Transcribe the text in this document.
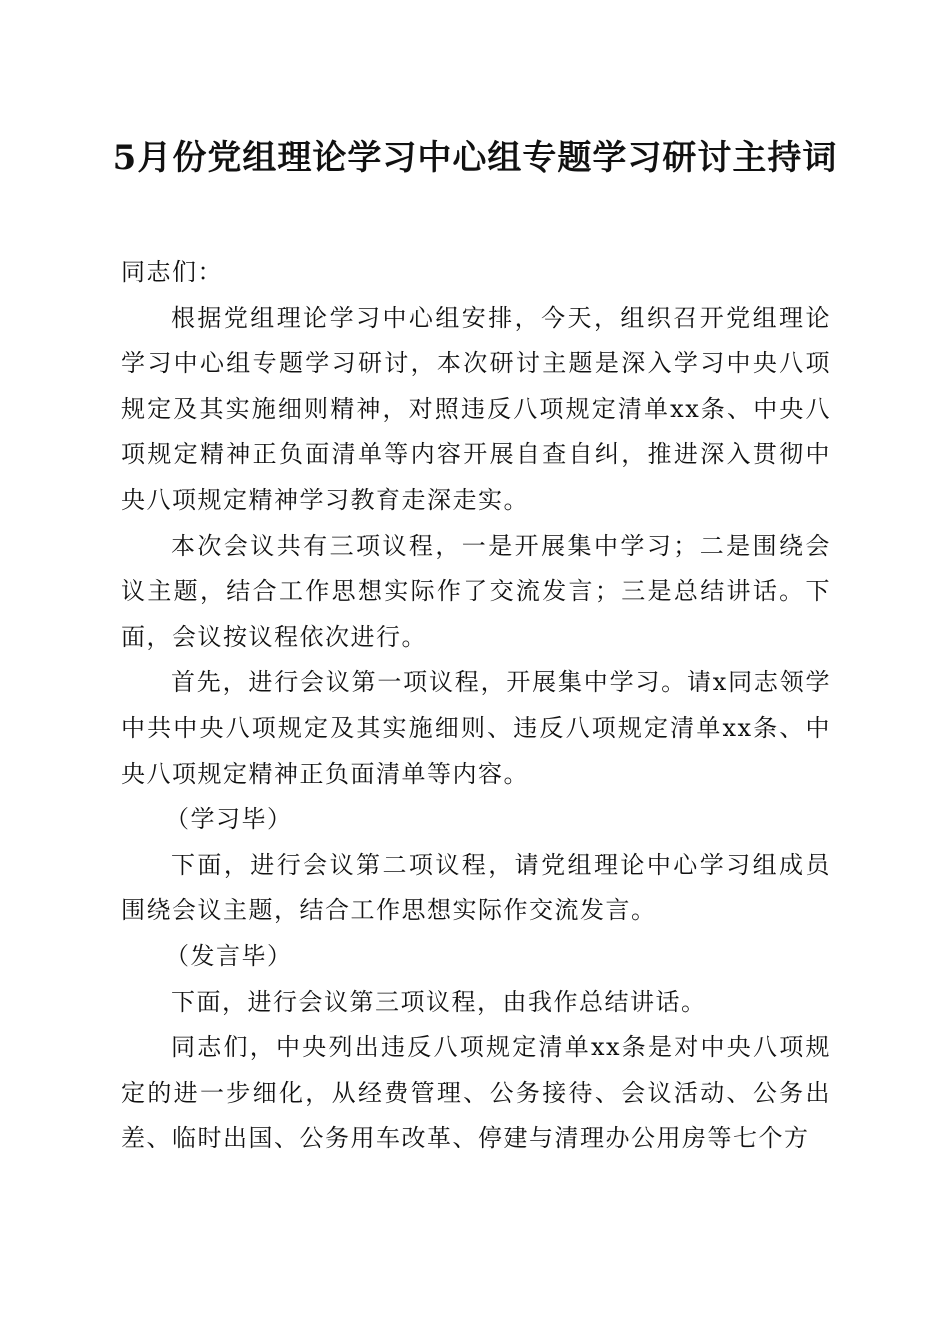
5月份党组理论学习中心组专题学习研讨主持词

同志们：

根据党组理论学习中心组安排，今天，组织召开党组理论学习中心组专题学习研讨，本次研讨主题是深入学习中央八项规定及其实施细则精神，对照违反八项规定清单xx条、中央八项规定精神正负面清单等内容开展自查自纠，推进深入贯彻中央八项规定精神学习教育走深走实。

本次会议共有三项议程，一是开展集中学习；二是围绕会议主题，结合工作思想实际作了交流发言；三是总结讲话。下面，会议按议程依次进行。

首先，进行会议第一项议程，开展集中学习。请x同志领学中共中央八项规定及其实施细则、违反八项规定清单xx条、中央八项规定精神正负面清单等内容。

（学习毕）

下面，进行会议第二项议程，请党组理论中心学习组成员围绕会议主题，结合工作思想实际作交流发言。

（发言毕）

下面，进行会议第三项议程，由我作总结讲话。

同志们，中央列出违反八项规定清单xx条是对中央八项规定的进一步细化，从经费管理、公务接待、会议活动、公务出差、临时出国、公务用车改革、停建与清理办公用房等七个方
